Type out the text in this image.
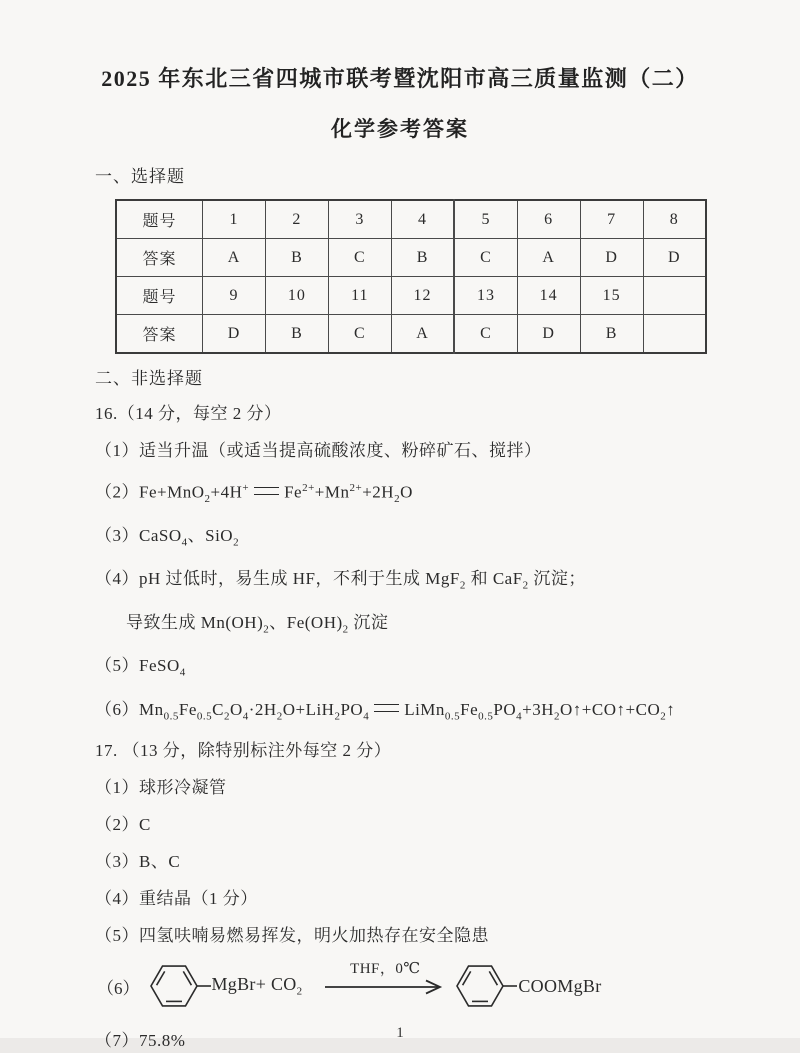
2025 年东北三省四城市联考暨沈阳市高三质量监测（二）
化学参考答案
一、选择题
题号	1	2	3	4	5	6	7	8
答案	A	B	C	B	C	A	D	D
题号	9	10	11	12	13	14	15	
答案	D	B	C	A	C	D	B	
二、非选择题
16.（14 分，每空 2 分）
（1）适当升温（或适当提高硫酸浓度、粉碎矿石、搅拌）
（2）Fe+MnO$_2$+4H+ $Fe^{2+}+Mn^{2+}+2H_2O$
（3）CaSO$_4$、SiO$_2$
（4）pH 过低时，易生成 HF，不利于生成 MgF$_2$ 和 CaF$_2$ 沉淀；
导致生成 $Mn(OH)_2$、$Fe(OH)_2$ 沉淀
（5）FeSO$_4$
$(6)Mn_{0.5}Fe_{0.5}C_2O_4\cdot 2H_2O+LiH_2PO_4$ $LiMn_{0.5}Fe_{0.5}PO_4+3H_2O↑+CO↑+CO_2↑$
17. （13 分，除特别标注外每空 2 分）
（1）球形冷凝管
（2）C
（3）B、C
（4）重结晶（1 分）
（5）四氢呋喃易燃易挥发，明火加热存在安全隐患
（6）	MgBr+ $CO_2$
THF，0℃
COOMgBr
（7）75.8%	1
